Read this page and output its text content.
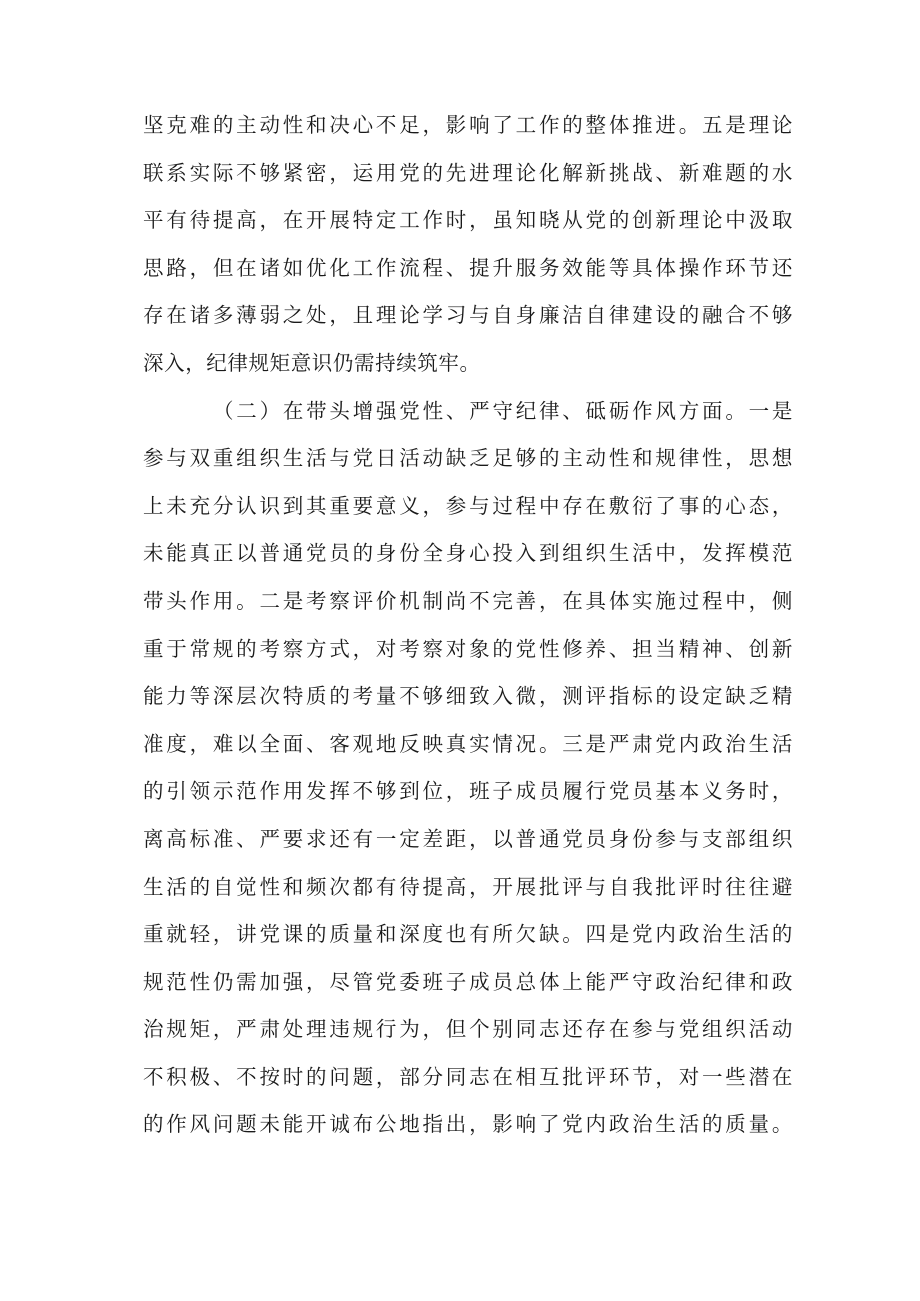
坚克难的主动性和决心不足，影响了工作的整体推进。五是理论
联系实际不够紧密，运用党的先进理论化解新挑战、新难题的水
平有待提高，在开展特定工作时，虽知晓从党的创新理论中汲取
思路，但在诸如优化工作流程、提升服务效能等具体操作环节还
存在诸多薄弱之处，且理论学习与自身廉洁自律建设的融合不够
深入，纪律规矩意识仍需持续筑牢。
（二）在带头增强党性、严守纪律、砥砺作风方面。一是
参与双重组织生活与党日活动缺乏足够的主动性和规律性，思想
上未充分认识到其重要意义，参与过程中存在敷衍了事的心态，
未能真正以普通党员的身份全身心投入到组织生活中，发挥模范
带头作用。二是考察评价机制尚不完善，在具体实施过程中，侧
重于常规的考察方式，对考察对象的党性修养、担当精神、创新
能力等深层次特质的考量不够细致入微，测评指标的设定缺乏精
准度，难以全面、客观地反映真实情况。三是严肃党内政治生活
的引领示范作用发挥不够到位，班子成员履行党员基本义务时，
离高标准、严要求还有一定差距，以普通党员身份参与支部组织
生活的自觉性和频次都有待提高，开展批评与自我批评时往往避
重就轻，讲党课的质量和深度也有所欠缺。四是党内政治生活的
规范性仍需加强，尽管党委班子成员总体上能严守政治纪律和政
治规矩，严肃处理违规行为，但个别同志还存在参与党组织活动
不积极、不按时的问题，部分同志在相互批评环节，对一些潜在
的作风问题未能开诚布公地指出，影响了党内政治生活的质量。
